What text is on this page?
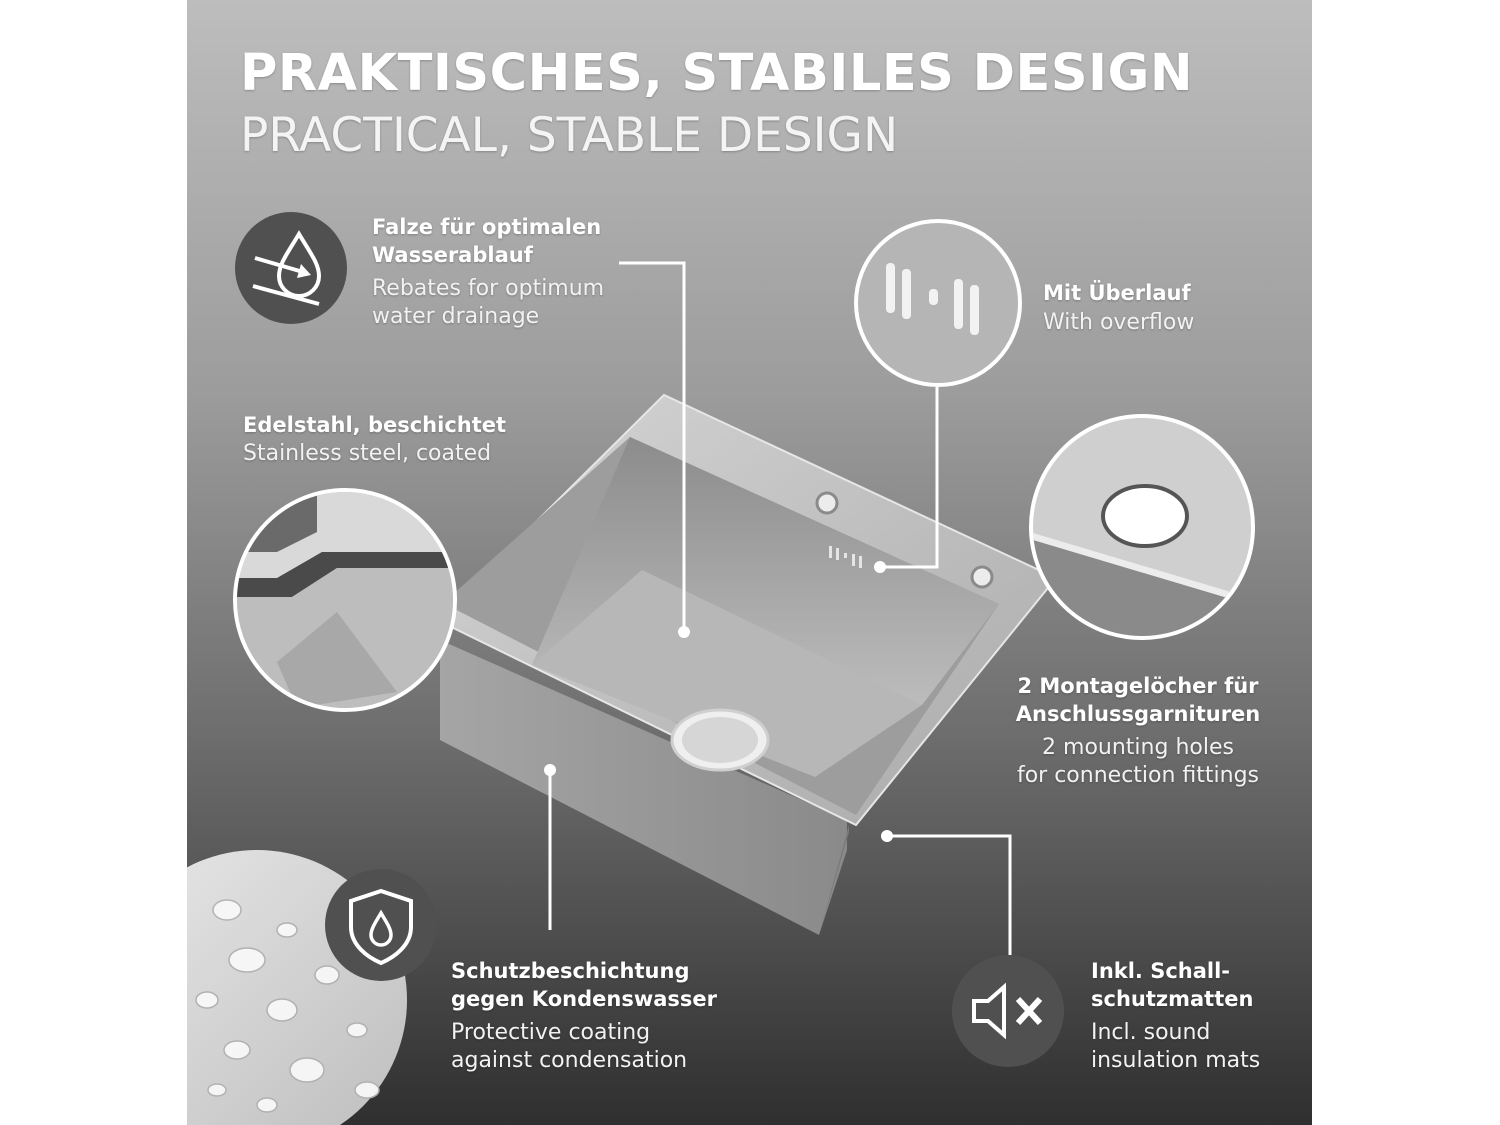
PRAKTISCHES, STABILES DESIGN
PRACTICAL, STABLE DESIGN
Falze für optimalen
Wasserablauf
Rebates for optimum
water drainage
Mit Überlauf
With overflow
Edelstahl, beschichtet
Stainless steel, coated
2 Montagelöcher für
Anschlussgarnituren
2 mounting holes
for connection fittings
Schutzbeschichtung
gegen Kondenswasser
Protective coating
against condensation
Inkl. Schall-
schutzmatten
Incl. sound
insulation mats
